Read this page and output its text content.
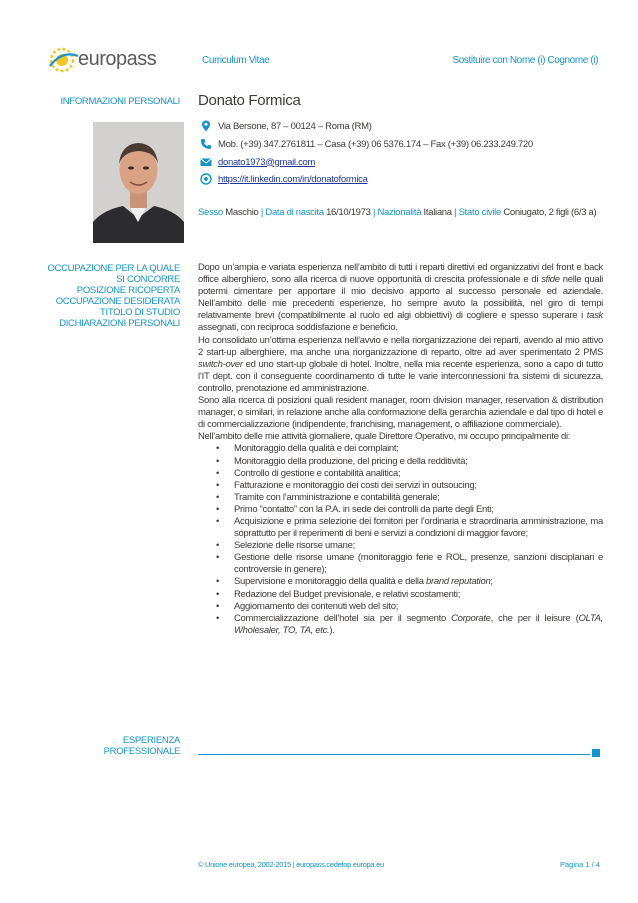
europass	Curriculum Vitae	Sostituire con Nome (i) Cognome (i)
INFORMAZIONI PERSONALI
OCCUPAZIONE PER LA QUALE
SI CONCORRE
POSIZIONE RICOPERTA
OCCUPAZIONE DESIDERATA
TITOLO DI STUDIO
DICHIARAZIONI PERSONALI
ESPERIENZA
PROFESSIONALE
Donato Formica
Via Bersone, 87 – 00124 – Roma (RM)
Mob. (+39) 347.2761811 – Casa (+39) 06 5376.174 – Fax (+39) 06.233.249.720
donato1973@gmail.com
https://it.linkedin.com/in/donatoformica
Sesso Maschio | Data di nascita 16/10/1973 | Nazionalità Italiana | Stato civile Coniugato, 2 figli (6/3 a)

Dopo un’ampia e variata esperienza nell’ambito di tutti i reparti direttivi ed organizzativi del front e back office alberghiero, sono alla ricerca di nuove opportunità di crescita professionale e di sfide nelle quali potermi cimentare per apportare il mio decisivo apporto al successo personale ed aziendale. Nell’ambito delle mie precedenti esperienze, ho sempre avuto la possibilità, nel giro di tempi relativamente brevi (compatibilmente al ruolo ed algi obbiettivi) di cogliere e spesso superare i task assegnati, con reciproca soddisfazione e beneficio.

Ho consolidato un’ottima esperienza nell’avvio e nella riorganizzazione dei reparti, avendo al mio attivo 2 start-up alberghiere, ma anche una riorganizzazione di reparto, oltre ad aver sperimentato 2 PMS switch-over ed uno start-up globale di hotel. Inoltre, nella mia recente esperienza, sono a capo di tutto l’IT dept. con il conseguente coordinamento di tutte le varie interconnessioni fra sistemi di sicurezza, controllo, prenotazione ed amministrazione.

Sono alla ricerca di posizioni quali resident manager, room division manager, reservation & distribution manager, o similari, in relazione anche alla conformazione della gerarchia aziendale e dal tipo di hotel e di commercializzazione (indipendente, franchising, management, o affiliazione commerciale).

Nell’ambito delle mie attività giornaliere, quale Direttore Operativo, mi occupo principalmente di:

• Monitoraggio della qualità e dei complaint;
• Monitoraggio della produzione, del pricing e della redditività;
• Controllo di gestione e contabilità analitica;
• Fatturazione e monitoraggio dei costi dei servizi in outsoucing;
• Tramite con l’amministrazione e contabilità generale;
• Primo “contatto” con la P.A. in sede dei controlli da parte degli Enti;
• Acquisizione e prima selezione dei fornitori per l’ordinaria e straordinaria amministrazione, ma soprattutto per il reperimenti di beni e servizi a condizioni di maggior favore;
• Selezione delle risorse umane;
• Gestione delle risorse umane (monitoraggio ferie e ROL, presenze, sanzioni disciplanari e controversie in genere);
• Supervisione e monitoraggio della qualità e della brand reputation;
• Redazione del Budget previsionale, e relativi scostamenti;
• Aggiornamento dei contenuti web del sito;
• Commercializzazione dell’hotel sia per il segmento Corporate, che per il leisure (OLTA, Wholesaler, TO, TA, etc.).
© Unione europea, 2002-2015 | europass.cedefop.europa.eu	Pagina 1 / 4
